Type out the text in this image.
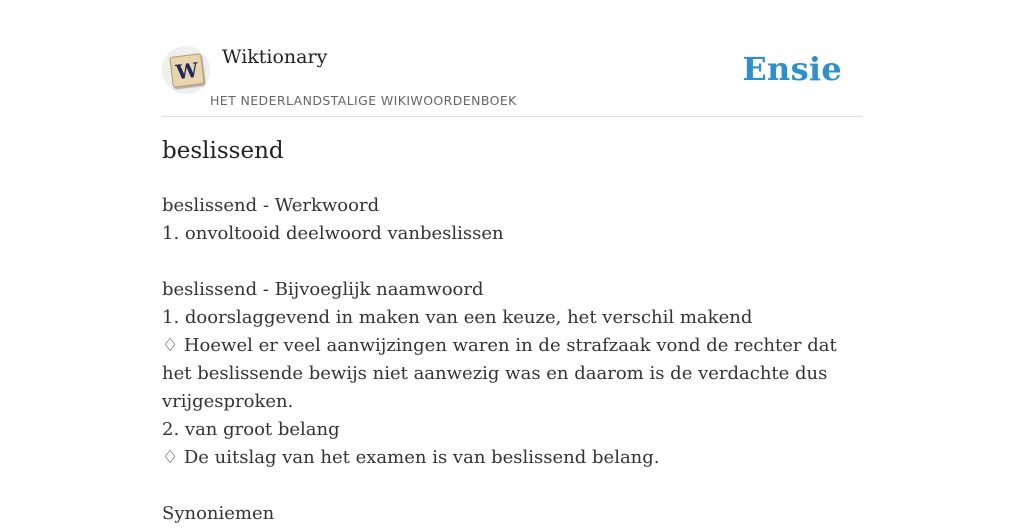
W
Wiktionary
HET NEDERLANDSTALIGE WIKIWOORDENBOEK
Ensie
beslissend
beslissend - Werkwoord
1. onvoltooid deelwoord vanbeslissen
beslissend - Bijvoeglijk naamwoord
1. doorslaggevend in maken van een keuze, het verschil makend
♢ Hoewel er veel aanwijzingen waren in de strafzaak vond de rechter dat het beslissende bewijs niet aanwezig was en daarom is de verdachte dus vrijgesproken.
2. van groot belang
♢ De uitslag van het examen is van beslissend belang.
Synoniemen
